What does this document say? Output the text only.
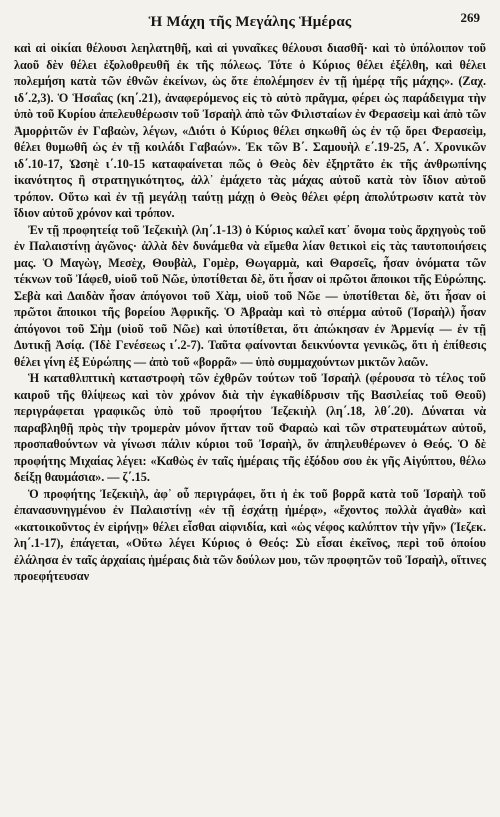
Ἡ Μάχη τῆς Μεγάλης Ἡμέρας	269

καὶ αἱ οἰκίαι θέλουσι λεηλατηθῆ, καὶ αἱ γυναῖκες θέλουσι διασθῆ· καὶ τὸ ὑπόλοιπον τοῦ λαοῦ δὲν θέλει ἐξολοθρευθῆ ἐκ τῆς πόλεως. Τότε ὁ Κύριος θέλει ἐξέλθη, καὶ θέλει πολεμήση κατὰ τῶν ἐθνῶν ἐκείνων, ὡς ὅτε ἐπολέμησεν ἐν τῇ ἡμέρᾳ τῆς μάχης». (Ζαχ. ιδ΄.2,3). Ὁ Ἡσαΐας (κη΄.21), ἀναφερόμενος εἰς τὸ αὐτὸ πρᾶγμα, φέρει ὡς παράδειγμα τὴν ὑπὸ τοῦ Κυρίου ἀπελευθέρωσιν τοῦ Ἰσραὴλ ἀπὸ τῶν Φιλισταίων ἐν Φερασεὶμ καὶ ἀπὸ τῶν Ἀμορῥιτῶν ἐν Γαβαὼν, λέγων, «Διότι ὁ Κύριος θέλει σηκωθῆ ὡς ἐν τῷ ὄρει Φερασεὶμ, θέλει θυμωθῆ ὡς ἐν τῇ κοιλάδι Γαβαών». Ἐκ τῶν Β΄. Σαμουὴλ ε΄.19-25, Α΄. Χρονικῶν ιδ΄.10-17, Ὡσηὲ ι΄.10-15 καταφαίνεται πῶς ὁ Θεὸς δὲν ἐξηρτᾶτο ἐκ τῆς ἀνθρωπίνης ἱκανότητος ἢ στρατηγικότητος, ἀλλ᾽ ἐμάχετο τὰς μάχας αὐτοῦ κατὰ τὸν ἴδιον αὐτοῦ τρόπον. Οὕτω καὶ ἐν τῇ μεγάλῃ ταύτῃ μάχῃ ὁ Θεὸς θέλει φέρη ἀπολύτρωσιν κατὰ τὸν ἴδιον αὐτοῦ χρόνον καὶ τρόπον.

Ἐν τῇ προφητείᾳ τοῦ Ἰεζεκιὴλ (λη΄.1-13) ὁ Κύριος καλεῖ κατ᾽ ὄνομα τοὺς ἄρχηγοὺς τοῦ ἐν Παλαιστίνῃ ἀγῶνος· ἀλλὰ δὲν δυνάμεθα νὰ εἴμεθα λίαν θετικοὶ εἰς τὰς ταυτοποιήσεις μας. Ὁ Μαγὼγ, Μεσὲχ, Θουβὰλ, Γομὲρ, Θωγαρμὰ, καὶ Θαρσεῖς, ἦσαν ὀνόματα τῶν τέκνων τοῦ Ἰάφεθ, υἱοῦ τοῦ Νῶε, ὑποτίθεται δὲ, ὅτι ἦσαν οἱ πρῶτοι ἄποικοι τῆς Εὐρώπης. Σεβὰ καὶ Δαιδὰν ἦσαν ἀπόγονοι τοῦ Χὰμ, υἱοῦ τοῦ Νῶε — ὑποτίθεται δὲ, ὅτι ἦσαν οἱ πρῶτοι ἄποικοι τῆς βορείου Ἀφρικῆς. Ὁ Ἀβραὰμ καὶ τὸ σπέρμα αὐτοῦ (Ἰσραὴλ) ἦσαν ἀπόγονοι τοῦ Σὴμ (υἱοῦ τοῦ Νῶε) καὶ ὑποτίθεται, ὅτι ἀπώκησαν ἐν Ἀρμενίᾳ — ἐν τῇ Δυτικῇ Ἀσίᾳ. (Ἰδὲ Γενέσεως ι΄.2-7). Ταῦτα φαίνονται δεικνύοντα γενικῶς, ὅτι ἡ ἐπίθεσις θέλει γίνη ἐξ Εὐρώπης — ἀπὸ τοῦ «βορρᾶ» — ὑπὸ συμμαχούντων μικτῶν λαῶν.

Ἡ καταθλιπτικὴ καταστροφὴ τῶν ἐχθρῶν τούτων τοῦ Ἰσραὴλ (φέρουσα τὸ τέλος τοῦ καιροῦ τῆς θλίψεως καὶ τὸν χρόνον διὰ τὴν ἐγκαθίδρυσιν τῆς Βασιλείας τοῦ Θεοῦ) περιγράφεται γραφικῶς ὑπὸ τοῦ προφήτου Ἰεζεκιὴλ (λη΄.18, λθ΄.20). Δύναται νὰ παραβληθῇ πρὸς τὴν τρομερὰν μόνον ἥτταν τοῦ Φαραὼ καὶ τῶν στρατευμάτων αὐτοῦ, προσπαθούντων νὰ γίνωσι πάλιν κύριοι τοῦ Ἰσραὴλ, ὅν ἀπηλευθέρωνεν ὁ Θεός. Ὁ δὲ προφήτης Μιχαίας λέγει: «Καθὼς ἐν ταῖς ἡμέραις τῆς ἐξόδου σου ἐκ γῆς Αἰγύπτου, θέλω δείξῃ θαυμάσια». — ζ΄.15.

Ὁ προφήτης Ἰεζεκιὴλ, ἀφ᾽ οὗ περιγράφει, ὅτι ἡ ἐκ τοῦ βορρᾶ κατὰ τοῦ Ἰσραὴλ τοῦ ἐπανασυνηγμένου ἐν Παλαιστίνῃ «ἐν τῇ ἐσχάτῃ ἡμέρᾳ», «ἔχοντος πολλὰ ἀγαθὰ» καὶ «κατοικοῦντος ἐν εἰρήνῃ» θέλει εἶσθαι αἰφνιδία, καὶ «ὡς νέφος καλύπτον τὴν γῆν» (Ἰεζεκ. λη΄.1-17), ἐπάγεται, «Οὕτω λέγει Κύριος ὁ Θεός: Σὺ εἶσαι ἐκεῖνος, περὶ τοῦ ὁποίου ἐλάλησα ἐν ταῖς ἀρχαίαις ἡμέραις διὰ τῶν δούλων μου, τῶν προφητῶν τοῦ Ἰσραὴλ, οἵτινες προεφήτευσαν
